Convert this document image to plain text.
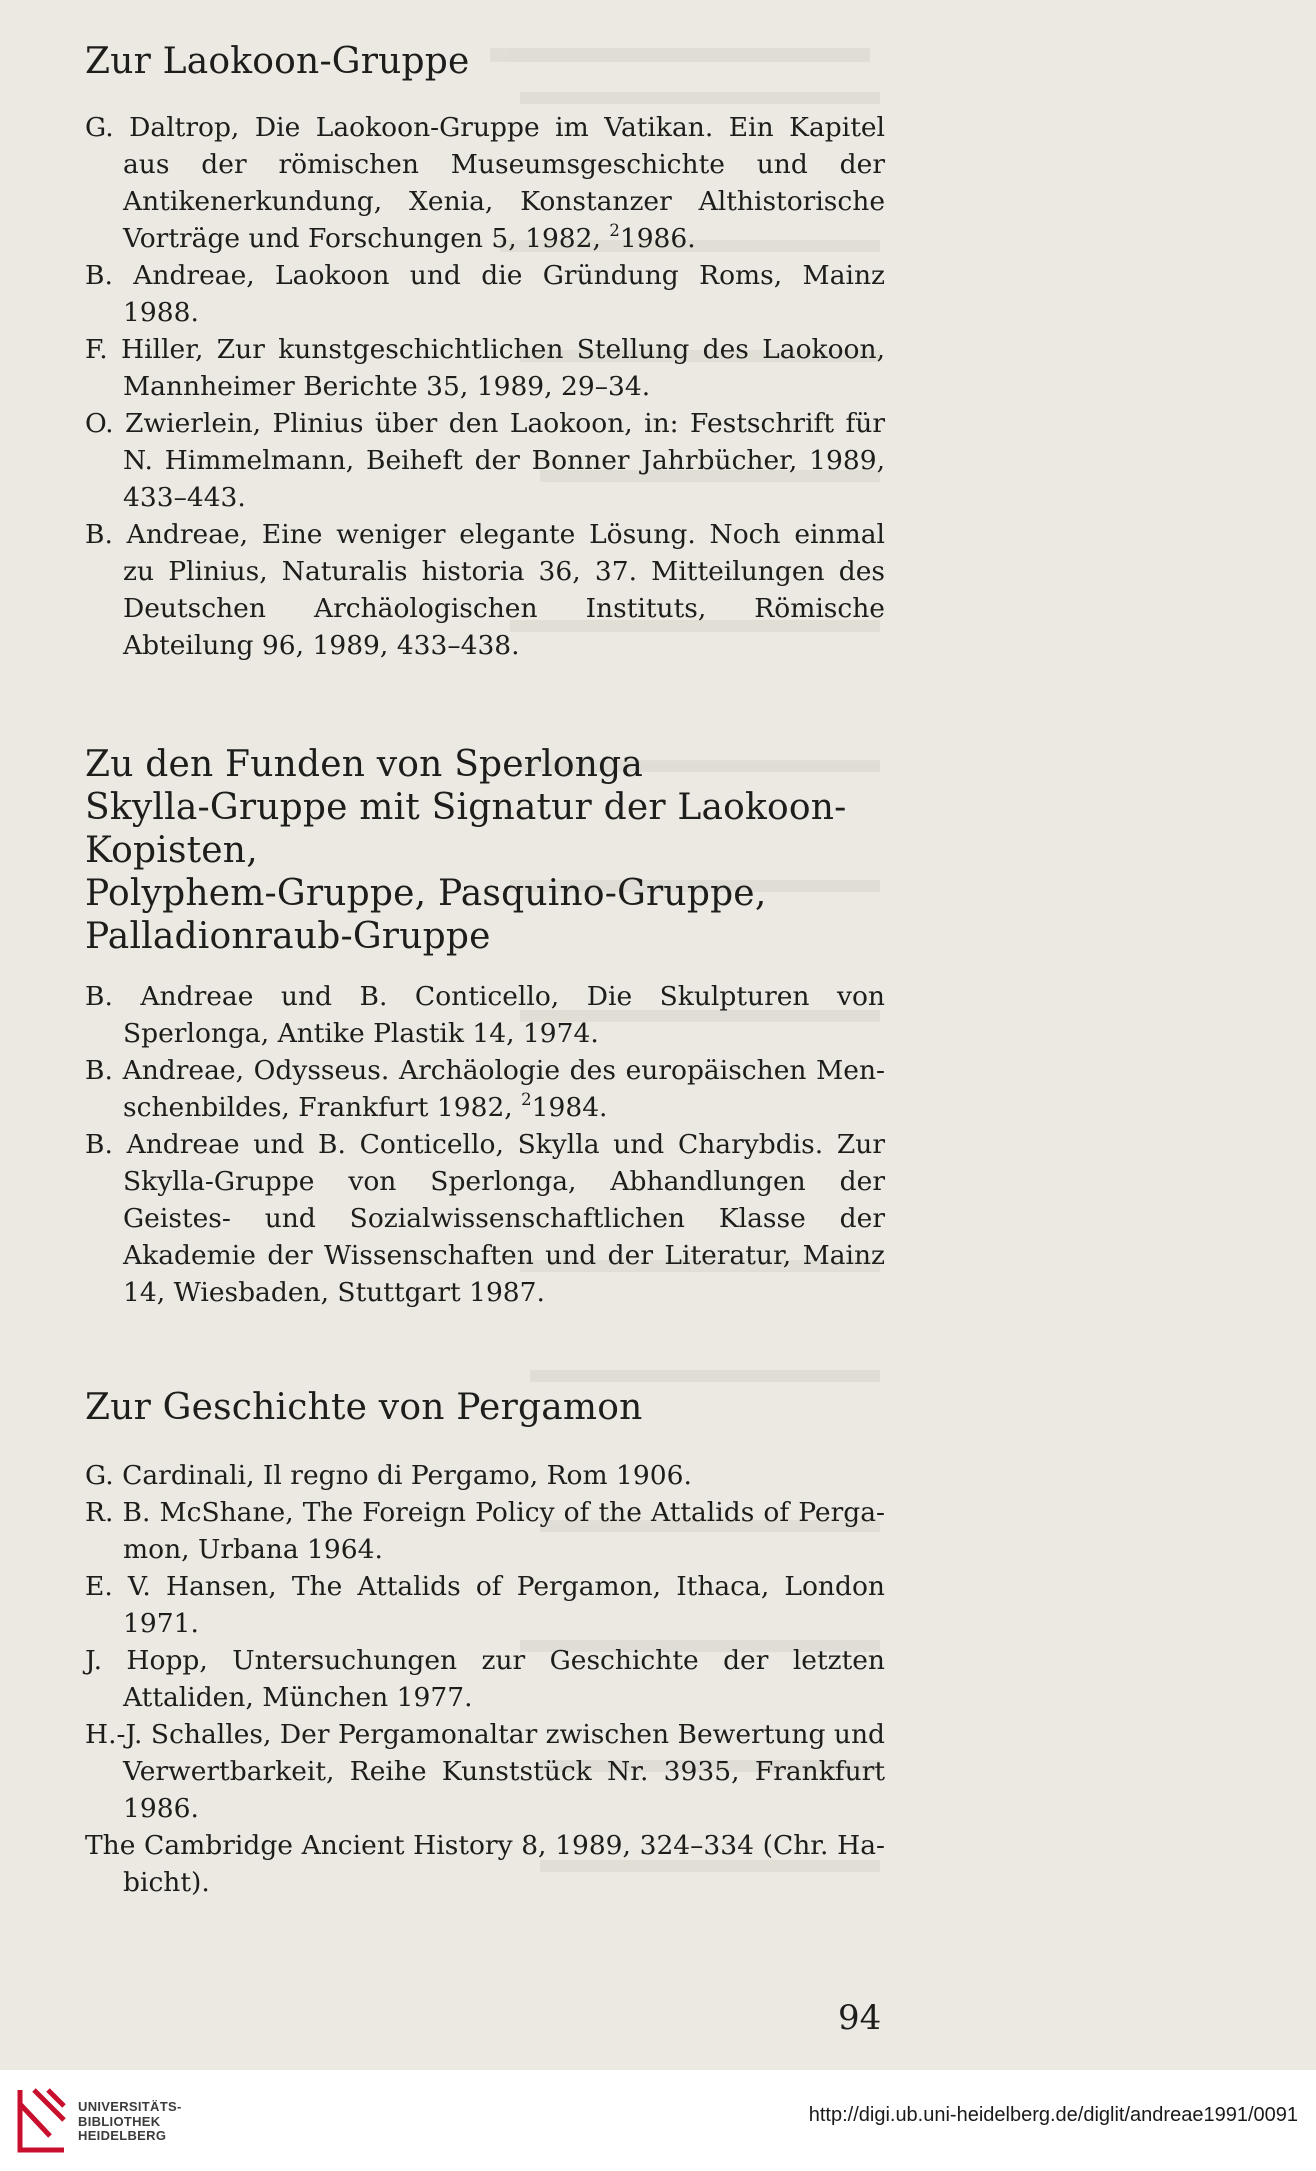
Zur Laokoon-Gruppe
G. Daltrop, Die Laokoon-Gruppe im Vatikan. Ein Kapitel aus der römischen Museumsgeschichte und der Antikenerkundung, Xenia, Konstanzer Althistorische Vorträge und Forschungen 5, 1982, $^2$1986.
B. Andreae, Laokoon und die Gründung Roms, Mainz 1988.
F. Hiller, Zur kunstgeschichtlichen Stellung des Laokoon, Mannheimer Berichte 35, 1989, 29–34.
O. Zwierlein, Plinius über den Laokoon, in: Festschrift für N. Himmelmann, Beiheft der Bonner Jahrbücher, 1989, 433–443.
B. Andreae, Eine weniger elegante Lösung. Noch einmal zu Plinius, Naturalis historia 36, 37. Mitteilungen des Deutschen Archäologischen Instituts, Römische Abteilung 96, 1989, 433–438.
Zu den Funden von Sperlonga
Skylla-Gruppe mit Signatur der Laokoon-Kopisten,
Polyphem-Gruppe, Pasquino-Gruppe,
Palladionraub-Gruppe
B. Andreae und B. Conticello, Die Skulpturen von Sperlonga, Antike Plastik 14, 1974.
B. Andreae, Odysseus. Archäologie des europäischen Menschenbildes, Frankfurt 1982, $^2$1984.
B. Andreae und B. Conticello, Skylla und Charybdis. Zur Skylla-Gruppe von Sperlonga, Abhandlungen der Geistes- und Sozialwissenschaftlichen Klasse der Akademie der Wissenschaften und der Literatur, Mainz 14, Wiesbaden, Stuttgart 1987.
Zur Geschichte von Pergamon
G. Cardinali, Il regno di Pergamo, Rom 1906.
R. B. McShane, The Foreign Policy of the Attalids of Pergamon, Urbana 1964.
E. V. Hansen, The Attalids of Pergamon, Ithaca, London 1971.
J. Hopp, Untersuchungen zur Geschichte der letzten Attaliden, München 1977.
H.-J. Schalles, Der Pergamonaltar zwischen Bewertung und Verwertbarkeit, Reihe Kunststück Nr. 3935, Frankfurt 1986.
The Cambridge Ancient History 8, 1989, 324–334 (Chr. Habicht).
94
UNIVERSITÄTS-
BIBLIOTHEK
HEIDELBERG
http://digi.ub.uni-heidelberg.de/diglit/andreae1991/0091
